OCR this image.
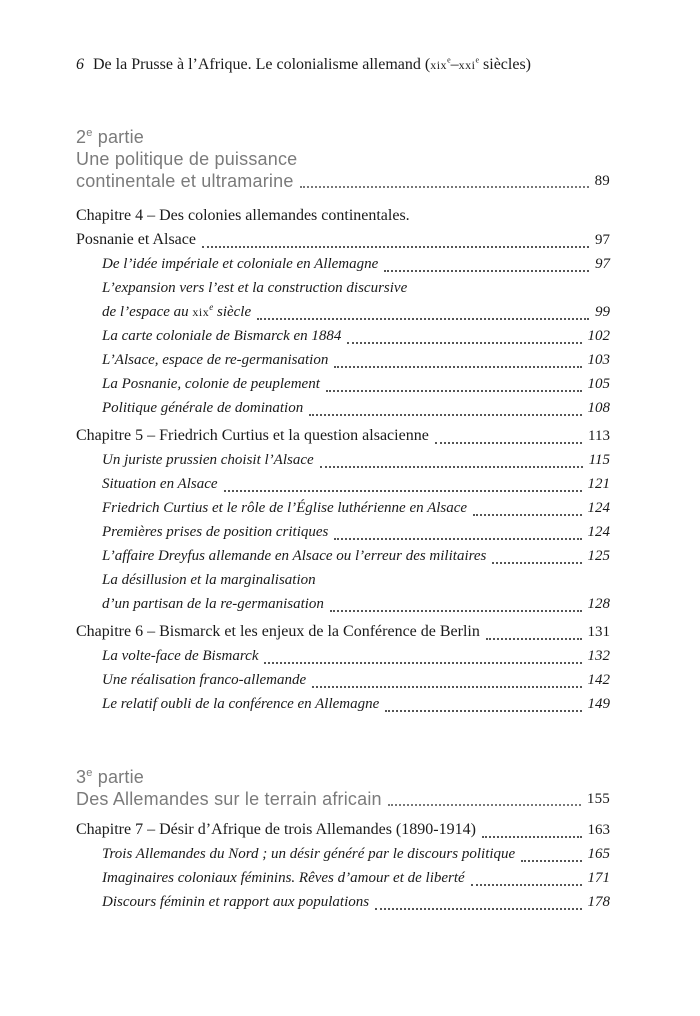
6 De la Prusse à l’Afrique. Le colonialisme allemand (xix$^e$–xxi$^e$ siècles)
2e partie
Une politique de puissance
continentale et ultramarine	89
Chapitre 4 – Des colonies allemandes continentales.
Posnanie et Alsace	97
De l’idée impériale et coloniale en Allemagne	97
L’expansion vers l’est et la construction discursive
de l’espace au xix$^e$ siècle	99
La carte coloniale de Bismarck en 1884	102
L’Alsace, espace de re-germanisation	103
La Posnanie, colonie de peuplement	105
Politique générale de domination	108
Chapitre 5 – Friedrich Curtius et la question alsacienne	113
Un juriste prussien choisit l’Alsace	115
Situation en Alsace	121
Friedrich Curtius et le rôle de l’Église luthérienne en Alsace	124
Premières prises de position critiques	124
L’affaire Dreyfus allemande en Alsace ou l’erreur des militaires	125
La désillusion et la marginalisation
d’un partisan de la re-germanisation	128
Chapitre 6 – Bismarck et les enjeux de la Conférence de Berlin	131
La volte-face de Bismarck	132
Une réalisation franco-allemande	142
Le relatif oubli de la conférence en Allemagne	149
3e partie
Des Allemandes sur le terrain africain	155
Chapitre 7 – Désir d’Afrique de trois Allemandes (1890-1914)	163
Trois Allemandes du Nord ; un désir généré par le discours politique	165
Imaginaires coloniaux féminins. Rêves d’amour et de liberté	171
Discours féminin et rapport aux populations	178
